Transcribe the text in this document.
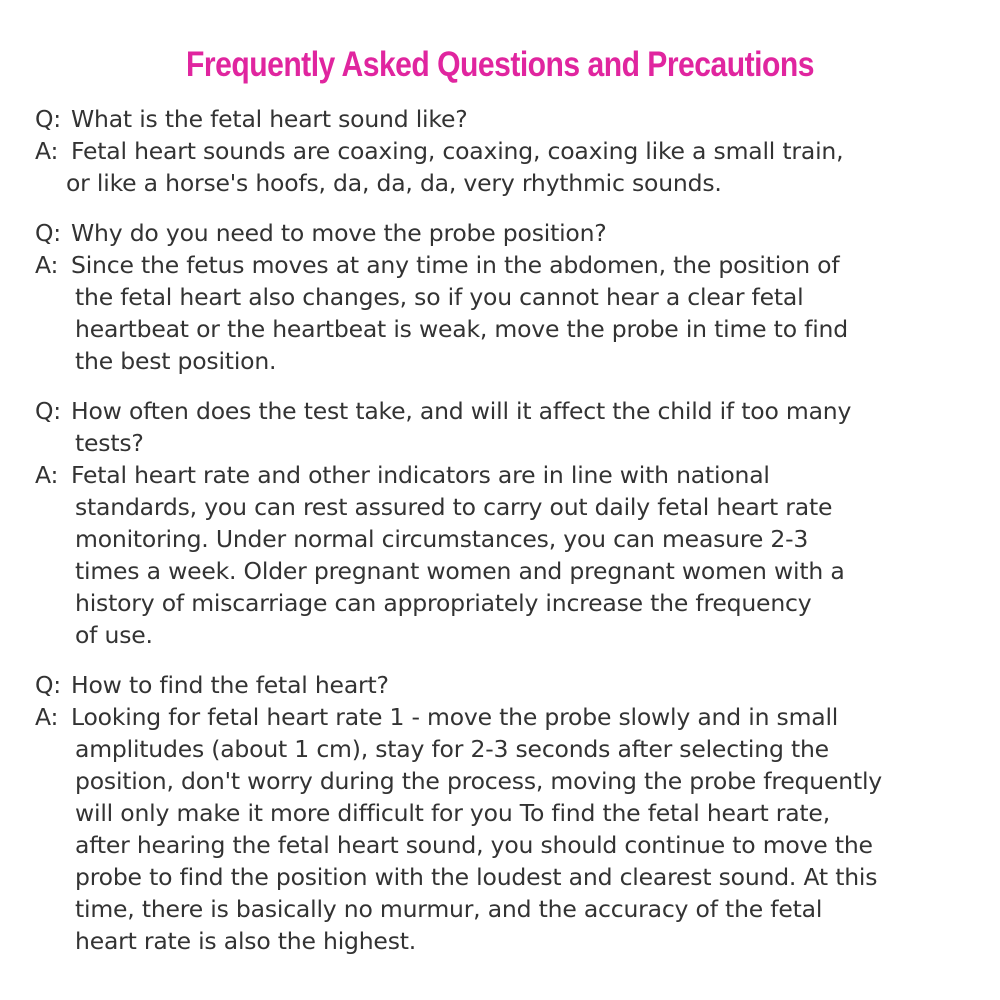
Frequently Asked Questions and Precautions
Q: What is the fetal heart sound like?
A: Fetal heart sounds are coaxing, coaxing, coaxing like a small train,
or like a horse's hoofs, da, da, da, very rhythmic sounds.
Q: Why do you need to move the probe position?
A: Since the fetus moves at any time in the abdomen, the position of
the fetal heart also changes, so if you cannot hear a clear fetal
heartbeat or the heartbeat is weak, move the probe in time to find
the best position.
Q: How often does the test take, and will it affect the child if too many
tests?
A: Fetal heart rate and other indicators are in line with national
standards, you can rest assured to carry out daily fetal heart rate
monitoring. Under normal circumstances, you can measure 2-3
times a week. Older pregnant women and pregnant women with a
history of miscarriage can appropriately increase the frequency
of use.
Q: How to find the fetal heart?
A: Looking for fetal heart rate 1 - move the probe slowly and in small
amplitudes (about 1 cm), stay for 2-3 seconds after selecting the
position, don't worry during the process, moving the probe frequently
will only make it more difficult for you To find the fetal heart rate,
after hearing the fetal heart sound, you should continue to move the
probe to find the position with the loudest and clearest sound. At this
time, there is basically no murmur, and the accuracy of the fetal
heart rate is also the highest.
